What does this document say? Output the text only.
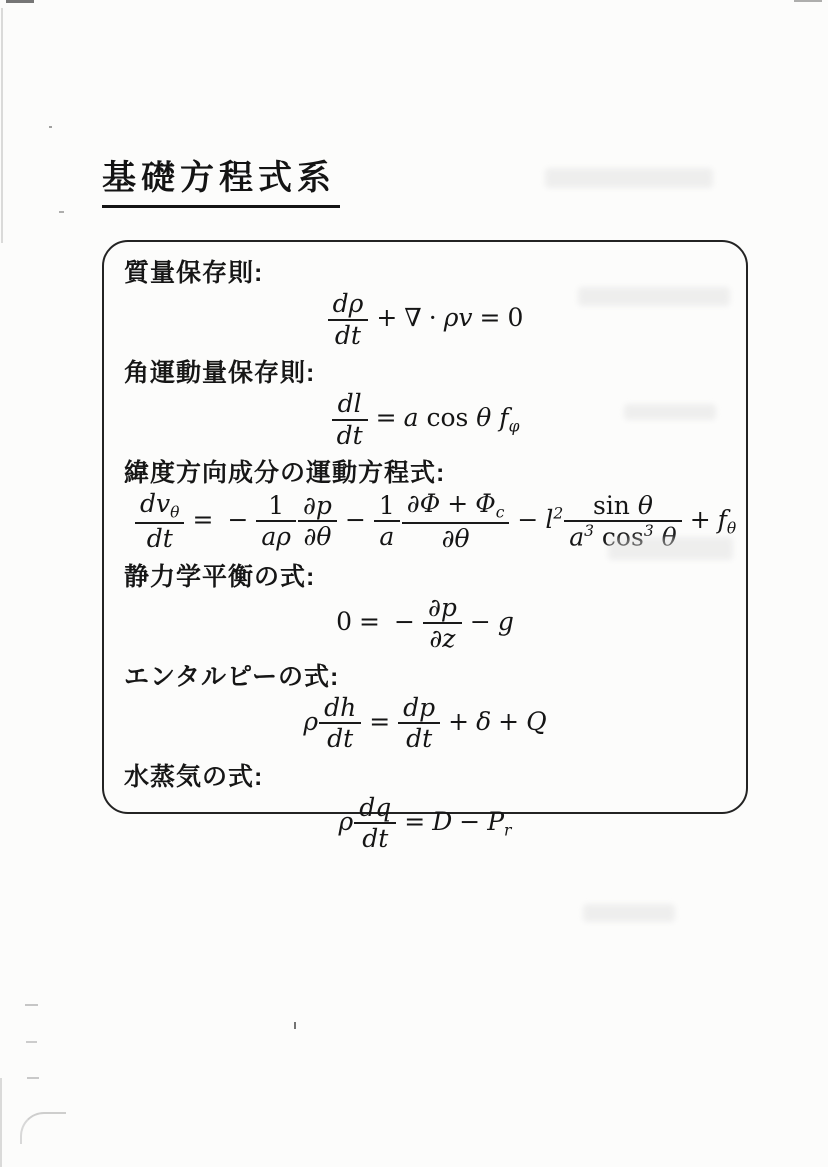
基礎方程式系
質量保存則:
$\frac{d\rho}{dt}$ + ∇ · ρv = 0
角運動量保存則:
$\frac{dl}{dt} = a$ cos θ $f_\varphi$
緯度方向成分の運動方程式:
$\frac{dv_\theta}{dt}$ = − $\frac{1}{a\rho} \frac{\partial p}{\partial\theta} - \frac{1}{a} \frac{\partial\Phi + \Phi_c}{\partial\theta} - l^2 \frac{\text{sin θ}}{a^3 \cos^3 \theta} + f_\theta$
静力学平衡の式:
0 = − $\frac{\partial p}{\partial z} - g$
エンタルピーの式:
ρ $\frac{dh}{dt} = \frac{dp}{dt} + \delta + Q$
水蒸気の式:
ρ $\frac{dq}{dt} = D - P_r$
